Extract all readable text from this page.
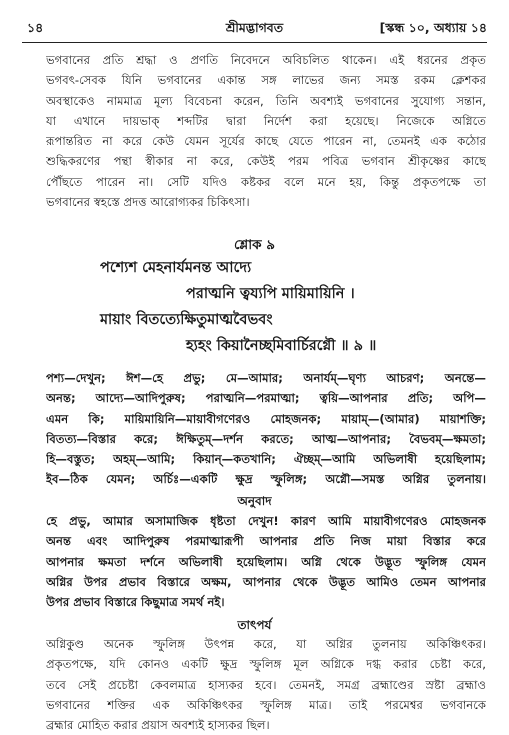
১৪	শ্রীমদ্ভাগবত	[স্কন্ধ ১০, অধ্যায় ১৪
ভগবানের প্রতি শ্রদ্ধা ও প্রণতি নিবেদনে অবিচলিত থাকেন। এই ধরনের প্রকৃত
ভগবৎ-সেবক যিনি ভগবানের একান্ত সঙ্গ লাভের জন্য সমস্ত রকম ক্লেশকর
অবস্থাকেও নামমাত্র মূল্য বিবেচনা করেন, তিনি অবশ্যই ভগবানের সুযোগ্য সন্তান,
যা এখানে দায়ভাক্‌ শব্দটির দ্বারা নির্দেশ করা হয়েছে। নিজেকে অগ্নিতে
রূপান্তরিত না করে কেউ যেমন সূর্যের কাছে যেতে পারেন না, তেমনই এক কঠোর
শুদ্ধিকরণের পন্থা স্বীকার না করে, কেউই পরম পবিত্র ভগবান শ্রীকৃষ্ণের কাছে
পৌঁছতে পারেন না। সেটি যদিও কষ্টকর বলে মনে হয়, কিন্তু প্রকৃতপক্ষে তা
ভগবানের স্বহস্তে প্রদত্ত আরোগ্যকর চিকিৎসা।
শ্লোক ৯
পশ্যেশ মেহনার্যমনন্ত আদ্যে
পরাত্মনি ত্বয্যপি মায়িমায়িনি ।
মায়াং বিতত্যেক্ষিতুমাত্মবৈভবং
হ্যহং কিয়ানৈচ্ছমিবার্চিরগ্নৌ ॥ ৯ ॥
পশ্য—দেখুন; ঈশ—হে প্রভু; মে—আমার; অনার্যম্‌—ঘৃণ্য আচরণ; অনন্তে—
অনন্ত; আদ্যে—আদিপুরুষ; পরাত্মনি—পরমাত্মা; ত্বয়ি—আপনার প্রতি; অপি—
এমন কি; মায়িমায়িনি—মায়াবীগণেরও মোহজনক; মায়াম্‌—(আমার) মায়াশক্তি;
বিতত্য—বিস্তার করে; ঈক্ষিতুম্‌—দর্শন করতে; আত্ম—আপনার; বৈভবম্‌—ক্ষমতা;
হি—বস্তুত; অহম্‌—আমি; কিয়ান্‌—কতখানি; ঐচ্ছম্‌—আমি অভিলাষী হয়েছিলাম;
ইব—ঠিক যেমন; অর্চিঃ—একটি ক্ষুদ্র স্ফুলিঙ্গ; অগ্নৌ—সমস্ত অগ্নির তুলনায়।
অনুবাদ
হে প্রভু, আমার অসামাজিক ধৃষ্টতা দেখুন! কারণ আমি মায়াবীগণেরও মোহজনক
অনন্ত এবং আদিপুরুষ পরমাত্মারূপী আপনার প্রতি নিজ মায়া বিস্তার করে
আপনার ক্ষমতা দর্শনে অভিলাষী হয়েছিলাম। অগ্নি থেকে উদ্ভূত স্ফুলিঙ্গ যেমন
অগ্নির উপর প্রভাব বিস্তারে অক্ষম, আপনার থেকে উদ্ভূত আমিও তেমন আপনার
উপর প্রভাব বিস্তারে কিছুমাত্র সমর্থ নই।
তাৎপর্য
অগ্নিকুণ্ড অনেক স্ফুলিঙ্গ উৎপন্ন করে, যা অগ্নির তুলনায় অকিঞ্চিৎকর।
প্রকৃতপক্ষে, যদি কোনও একটি ক্ষুদ্র স্ফুলিঙ্গ মূল অগ্নিকে দগ্ধ করার চেষ্টা করে,
তবে সেই প্রচেষ্টা কেবলমাত্র হাস্যকর হবে। তেমনই, সমগ্র ব্রহ্মাণ্ডের স্রষ্টা ব্রহ্মাও
ভগবানের শক্তির এক অকিঞ্চিৎকর স্ফুলিঙ্গ মাত্র। তাই পরমেশ্বর ভগবানকে
ব্রহ্মার মোহিত করার প্রয়াস অবশ্যই হাস্যকর ছিল।
